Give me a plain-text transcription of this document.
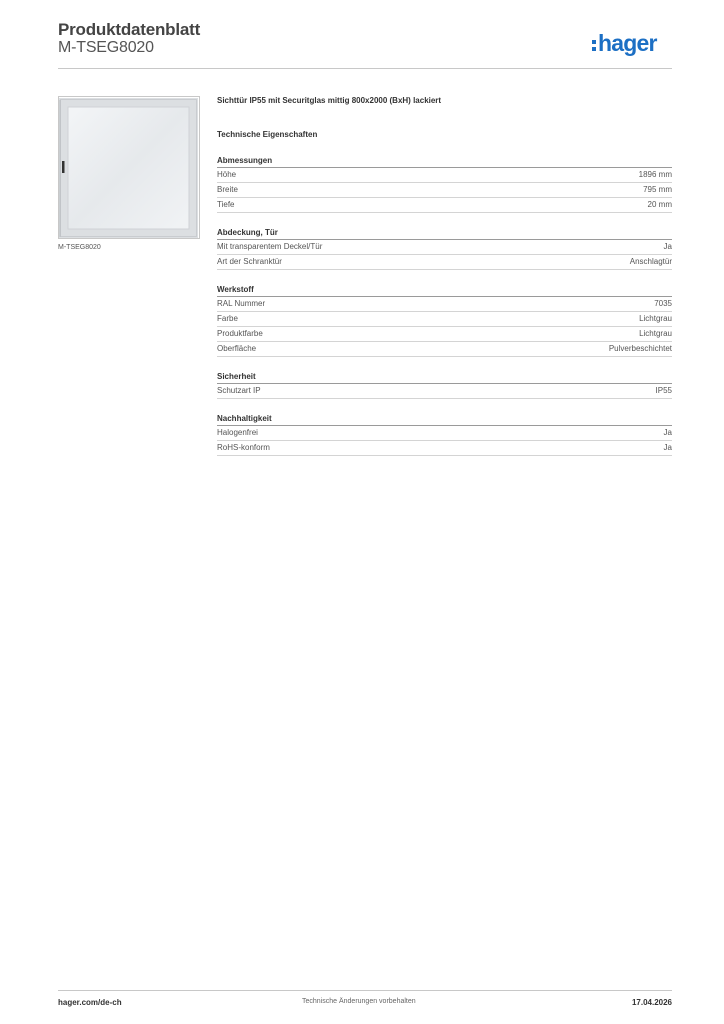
Produktdatenblatt
M-TSEG8020	hager
M-TSEG8020
Sichttür IP55 mit Securitglas mittig 800x2000 (BxH) lackiert
Technische Eigenschaften
Abmessungen
Höhe	1896 mm
Breite	795 mm
Tiefe	20 mm
Abdeckung, Tür
Mit transparentem Deckel/Tür	Ja
Art der Schranktür	Anschlagtür
Werkstoff
RAL Nummer	7035
Farbe	Lichtgrau
Produktfarbe	Lichtgrau
Oberfläche	Pulverbeschichtet
Sicherheit
Schutzart IP	IP55
Nachhaltigkeit
Halogenfrei	Ja
RoHS-konform	Ja
hager.com/de-ch	Technische Änderungen vorbehalten	17.04.2026
